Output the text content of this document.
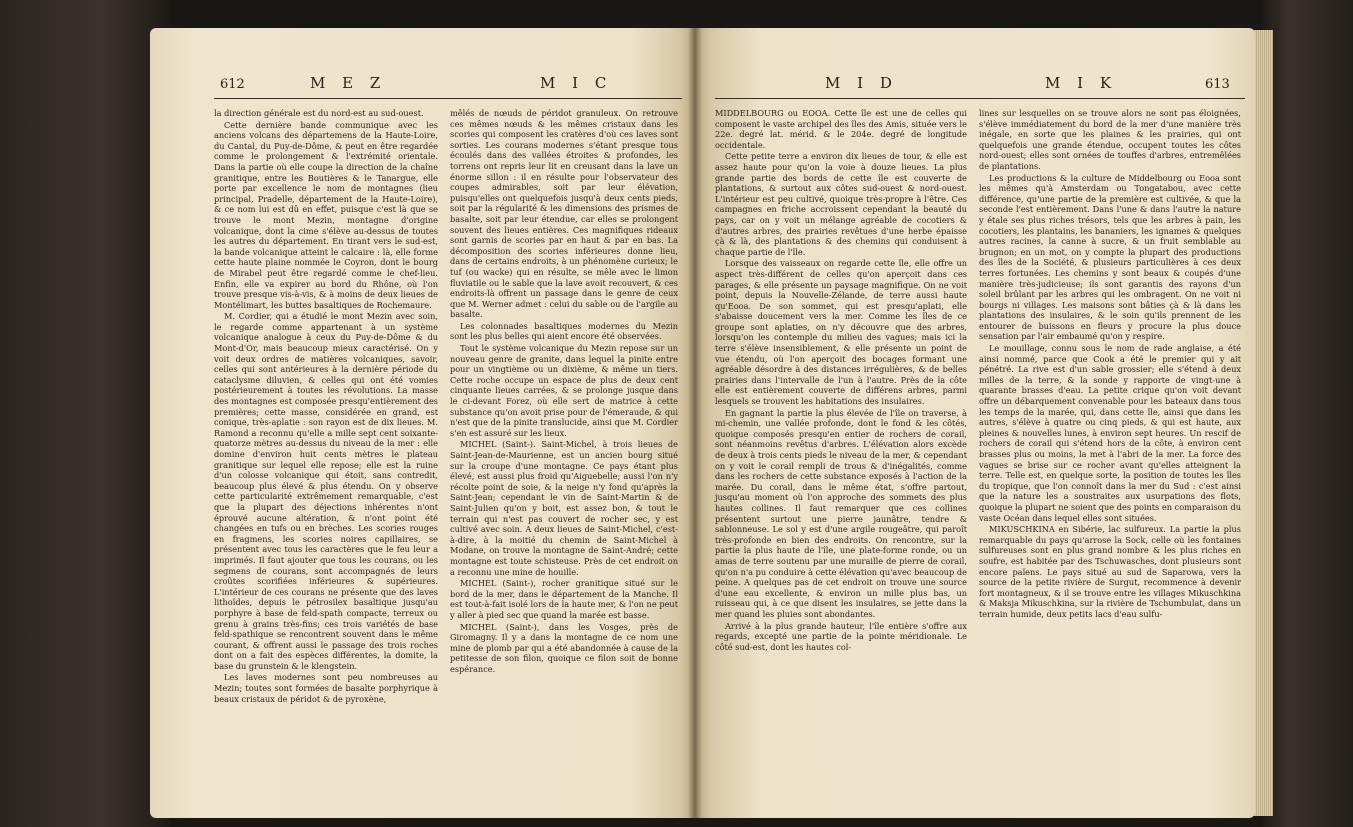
612	M E Z	M I C

la direction générale est du nord-est au sud-ouest.

Cette dernière bande communique avec les anciens volcans des départemens de la Haute-Loire, du Cantal, du Puy-de-Dôme, & peut en être regardée comme le prolongement & l'extrémité orientale. Dans la partie où elle coupe la direction de la chaîne granitique, entre les Boutières & le Tanargue, elle porte par excellence le nom de montagnes (lieu principal, Pradelle, département de la Haute-Loire), & ce nom lui est dû en effet, puisque c'est là que se trouve le mont Mezin, montagne d'origine volcanique, dont la cime s'élève au-dessus de toutes les autres du département. En tirant vers le sud-est, la bande volcanique atteint le calcaire : là, elle forme cette haute plaine nommée le Coyron, dont le bourg de Mirabel peut être regardé comme le chef-lieu. Enfin, elle va expirer au bord du Rhône, où l'on trouve presque vis-à-vis, & à moins de deux lieues de Montélimart, les buttes basaltiques de Rochemaure.

M. Cordier, qui a étudié le mont Mezin avec soin, le regarde comme appartenant à un système volcanique analogue à ceux du Puy-de-Dôme & du Mont-d'Or, mais beaucoup mieux caractérisé. On y voit deux ordres de matières volcaniques, savoir, celles qui sont antérieures à la dernière période du cataclysme diluvien, & celles qui ont été vomies postérieurement à toutes les révolutions. La masse des montagnes est composée presqu'entièrement des premières; cette masse, considérée en grand, est conique, très-aplatie : son rayon est de dix lieues. M. Ramond a reconnu qu'elle a mille sept cent soixante-quatorze mètres au-dessus du niveau de la mer : elle domine d'environ huit cents mètres le plateau granitique sur lequel elle repose; elle est la ruine d'un colosse volcanique qui étoit, sans contredit, beaucoup plus élevé & plus étendu. On y observe cette particularité extrêmement remarquable, c'est que la plupart des déjections inhérentes n'ont éprouvé aucune altération, & n'ont point été changées en tufs ou en brèches. Les scories rouges en fragmens, les scories noires capillaires, se présentent avec tous les caractères que le feu leur a imprimés. Il faut ajouter que tous les courans, ou les segmens de courans, sont accompagnés de leurs croûtes scorifiées inférieures & supérieures. L'intérieur de ces courans ne présente que des laves lithoïdes, depuis le pétrosilex basaltique jusqu'au porphyre à base de feld-spath compacte, terreux ou grenu à grains très-fins; ces trois variétés de base feld-spathique se rencontrent souvent dans le même courant, & offrent aussi le passage des trois roches dont on a fait des espèces différentes, la domite, la base du grunstein & le klengstein.

Les laves modernes sont peu nombreuses au Mezin; toutes sont formées de basalte porphyrique à beaux cristaux de péridot & de pyroxène,

mêlés de nœuds de péridot granuleux. On retrouve ces mêmes nœuds & les mêmes cristaux dans les scories qui composent les cratères d'où ces laves sont sorties. Les courans modernes s'étant presque tous écoulés dans des vallées étroites & profondes, les torrens ont repris leur lit en creusant dans la lave un énorme sillon : il en résulte pour l'observateur des coupes admirables, soit par leur élévation, puisqu'elles ont quelquefois jusqu'à deux cents pieds, soit par la régularité & les dimensions des prismes de basalte, soit par leur étendue, car elles se prolongent souvent des lieues entières. Ces magnifiques rideaux sont garnis de scories par en haut & par en bas. La décomposition des scories inférieures donne lieu, dans de certains endroits, à un phénomène curieux; le tuf (ou wacke) qui en résulte, se mêle avec le limon fluviatile ou le sable que la lave avoit recouvert, & ces endroits-là offrent un passage dans le genre de ceux que M. Werner admet : celui du sable ou de l'argile au basalte.

Les colonnades basaltiques modernes du Mezin sont les plus belles qui aient encore été observées.

Tout le système volcanique du Mezin repose sur un nouveau genre de granite, dans lequel la pinite entre pour un vingtième ou un dixième, & même un tiers. Cette roche occupe un espace de plus de deux cent cinquante lieues carrées, & se prolonge jusque dans le ci-devant Forez, où elle sert de matrice à cette substance qu'on avoit prise pour de l'émeraude, & qui n'est que de la pinite translucide, ainsi que M. Cordier s'en est assuré sur les lieux.

MICHEL (Saint-). Saint-Michel, à trois lieues de Saint-Jean-de-Maurienne, est un ancien bourg situé sur la croupe d'une montagne. Ce pays étant plus élevé, est aussi plus froid qu'Aiguebelle; aussi l'on n'y récolte point de soie, & la neige n'y fond qu'après la Saint-Jean; cependant le vin de Saint-Martin & de Saint-Julien qu'on y boit, est assez bon, & tout le terrain qui n'est pas couvert de rocher sec, y est cultivé avec soin. A deux lieues de Saint-Michel, c'est-à-dire, à la moitié du chemin de Saint-Michel à Modane, on trouve la montagne de Saint-André; cette montagne est toute schisteuse. Près de cet endroit on a reconnu une mine de houille.

MICHEL (Saint-), rocher granitique situé sur le bord de la mer, dans le département de la Manche. Il est tout-à-fait isolé lors de la haute mer, & l'on ne peut y aller à pied sec que quand la marée est basse.

MICHEL (Saint-), dans les Vosges, près de Giromagny. Il y a dans la montagne de ce nom une mine de plomb par qui a été abandonnée à cause de la petitesse de son filon, quoique ce filon soit de bonne espérance.

M I D	M I K	613

MIDDELBOURG ou EOOA. Cette île est une de celles qui composent le vaste archipel des îles des Amis, située vers le 22e. degré lat. mérid. & le 204e. degré de longitude occidentale.

Cette petite terre a environ dix lieues de tour, & elle est assez haute pour qu'on la voie à douze lieues. La plus grande partie des bords de cette île est couverte de plantations, & surtout aux côtes sud-ouest & nord-ouest. L'intérieur est peu cultivé, quoique très-propre à l'être. Ces campagnes en friche accroissent cependant la beauté du pays, car on y voit un mélange agréable de cocotiers & d'autres arbres, des prairies revêtues d'une herbe épaisse çà & là, des plantations & des chemins qui conduisent à chaque partie de l'île.

Lorsque des vaisseaux on regarde cette île, elle offre un aspect très-différent de celles qu'on aperçoit dans ces parages, & elle présente un paysage magnifique. On ne voit point, depuis la Nouvelle-Zélande, de terre aussi haute qu'Eooa. De son sommet, qui est presqu'aplati, elle s'abaisse doucement vers la mer. Comme les îles de ce groupe sont aplaties, on n'y découvre que des arbres, lorsqu'on les contemple du milieu des vagues; mais ici la terre s'élève insensiblement, & elle présente un point de vue étendu, où l'on aperçoit des bocages formant une agréable désordre à des distances irrégulières, & de belles prairies dans l'intervalle de l'un à l'autre. Près de la côte elle est entièrement couverte de différens arbres, parmi lesquels se trouvent les habitations des insulaires.

En gagnant la partie la plus élevée de l'île on traverse, à mi-chemin, une vallée profonde, dont le fond & les côtés, quoique composés presqu'en entier de rochers de corail, sont néanmoins revêtus d'arbres. L'élévation alors excède de deux à trois cents pieds le niveau de la mer, & cependant on y voit le corail rempli de trous & d'inégalités, comme dans les rochers de cette substance exposés à l'action de la marée. Du corail, dans le même état, s'offre partout, jusqu'au moment où l'on approche des sommets des plus hautes collines. Il faut remarquer que ces collines présentent surtout une pierre jaunâtre, tendre & sablonneuse. Le sol y est d'une argile rougeâtre, qui paroît très-profonde en bien des endroits. On rencontre, sur la partie la plus haute de l'île, une plate-forme ronde, ou un amas de terre soutenu par une muraille de pierre de corail, qu'on n'a pu conduire à cette élévation qu'avec beaucoup de peine. A quelques pas de cet endroit on trouve une source d'une eau excellente, & environ un mille plus bas, un ruisseau qui, à ce que disent les insulaires, se jette dans la mer quand les pluies sont abondantes.

Arrivé à la plus grande hauteur, l'île entière s'offre aux regards, excepté une partie de la pointe méridionale. Le côté sud-est, dont les hautes col-

lines sur lesquelles on se trouve alors ne sont pas éloignées, s'élève immédiatement du bord de la mer d'une manière très inégale, en sorte que les plaines & les prairies, qui ont quelquefois une grande étendue, occupent toutes les côtes nord-ouest; elles sont ornées de touffes d'arbres, entremêlées de plantations.

Les productions & la culture de Middelbourg ou Eooa sont les mêmes qu'à Amsterdam ou Tongatabou, avec cette différence, qu'une partie de la première est cultivée, & que la seconde l'est entièrement. Dans l'une & dans l'autre la nature y étale ses plus riches trésors, tels que les arbres à pain, les cocotiers, les plantains, les bananiers, les ignames & quelques autres racines, la canne à sucre, & un fruit semblable au brugnon; en un mot, on y compte la plupart des productions des îles de la Société, & plusieurs particulières à ces deux terres fortunées. Les chemins y sont beaux & coupés d'une manière très-judicieuse; ils sont garantis des rayons d'un soleil brûlant par les arbres qui les ombragent. On ne voit ni bourgs ni villages. Les maisons sont bâties çà & là dans les plantations des insulaires, & le soin qu'ils prennent de les entourer de buissons en fleurs y procure la plus douce sensation par l'air embaumé qu'on y respire.

Le mouillage, connu sous le nom de rade anglaise, a été ainsi nommé, parce que Cook a été le premier qui y ait pénétré. La rive est d'un sable grossier; elle s'étend à deux milles de la terre, & la sonde y rapporte de vingt-une à quarante brasses d'eau. La petite crique qu'on voit devant offre un débarquement convenable pour les bateaux dans tous les temps de la marée, qui, dans cette île, ainsi que dans les autres, s'élève à quatre ou cinq pieds, & qui est haute, aux pleines & nouvelles lunes, à environ sept heures. Un rescif de rochers de corail qui s'étend hors de la côte, à environ cent brasses plus ou moins, la met à l'abri de la mer. La force des vagues se brise sur ce rocher avant qu'elles atteignent la terre. Telle est, en quelque sorte, la position de toutes les îles du tropique, que l'on connoît dans la mer du Sud : c'est ainsi que la nature les a soustraites aux usurpations des flots, quoique la plupart ne soient que des points en comparaison du vaste Océan dans lequel elles sont situées.

MIKUSCHKINA en Sibérie, lac sulfureux. La partie la plus remarquable du pays qu'arrose la Sock, celle où les fontaines sulfureuses sont en plus grand nombre & les plus riches en soufre, est habitée par des Tschuwasches, dont plusieurs sont encore païens. Le pays situé au sud de Saparowa, vers la source de la petite rivière de Surgut, recommence à devenir fort montagneux, & il se trouve entre les villages Mikuschkina & Maksja Mikuschkina, sur la rivière de Tschumbulat, dans un terrain humide, deux petits lacs d'eau sulfu-
